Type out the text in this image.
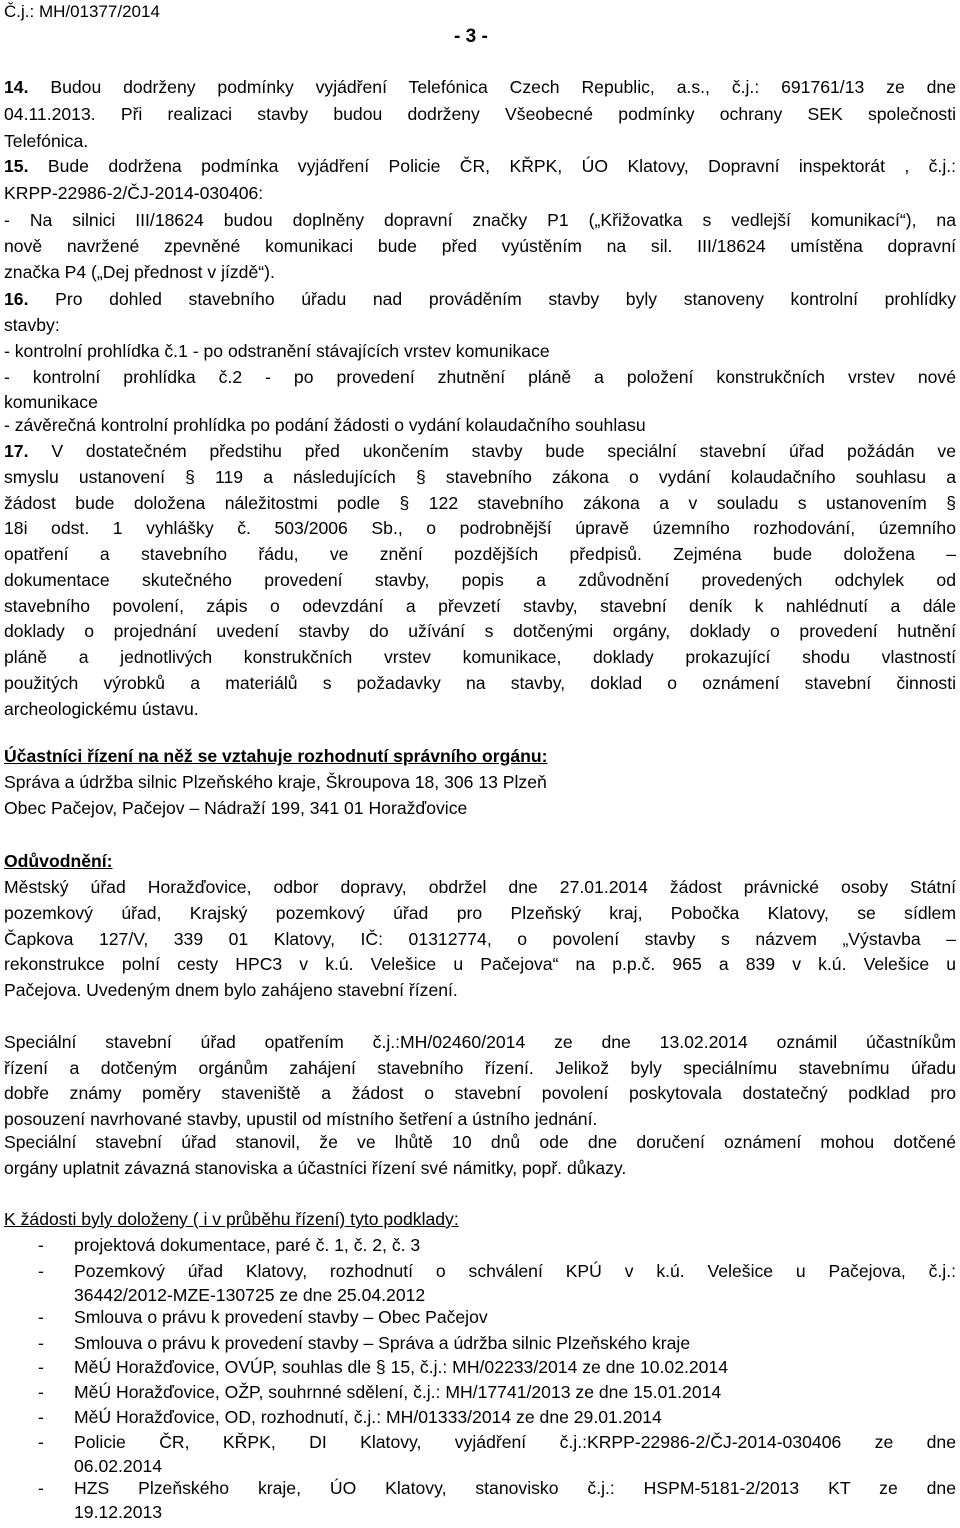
Č.j.: MH/01377/2014
- 3 -

14. Budou dodrženy podmínky vyjádření Telefónica Czech Republic, a.s., č.j.: 691761/13 ze dne

04.11.2013. Při realizaci stavby budou dodrženy Všeobecné podmínky ochrany SEK společnosti

Telefónica.

15. Bude dodržena podmínka vyjádření Policie ČR, KŘPK, ÚO Klatovy, Dopravní inspektorát , č.j.:

KRPP-22986-2/ČJ-2014-030406:

- Na silnici III/18624 budou doplněny dopravní značky P1 („Křižovatka s vedlejší komunikací“), na

nově navržené zpevněné komunikaci bude před vyústěním na sil. III/18624 umístěna dopravní

značka P4 („Dej přednost v jízdě“).

16. Pro dohled stavebního úřadu nad prováděním stavby byly stanoveny kontrolní prohlídky

stavby:

- kontrolní prohlídka č.1 - po odstranění stávajících vrstev komunikace

- kontrolní prohlídka č.2 - po provedení zhutnění pláně a položení konstrukčních vrstev nové

komunikace

- závěrečná kontrolní prohlídka po podání žádosti o vydání kolaudačního souhlasu

17. V dostatečném předstihu před ukončením stavby bude speciální stavební úřad požádán ve

smyslu ustanovení § 119 a následujících § stavebního zákona o vydání kolaudačního souhlasu a

žádost bude doložena náležitostmi podle § 122 stavebního zákona a v souladu s ustanovením §

18i odst. 1 vyhlášky č. 503/2006 Sb., o podrobnější úpravě územního rozhodování, územního

opatření a stavebního řádu, ve znění pozdějších předpisů. Zejména bude doložena –

dokumentace skutečného provedení stavby, popis a zdůvodnění provedených odchylek od

stavebního povolení, zápis o odevzdání a převzetí stavby, stavební deník k nahlédnutí a dále

doklady o projednání uvedení stavby do užívání s dotčenými orgány, doklady o provedení hutnění

pláně a jednotlivých konstrukčních vrstev komunikace, doklady prokazující shodu vlastností

použitých výrobků a materiálů s požadavky na stavby, doklad o oznámení stavební činnosti

archeologickému ústavu.

Účastníci řízení na něž se vztahuje rozhodnutí správního orgánu:

Správa a údržba silnic Plzeňského kraje, Škroupova 18, 306 13 Plzeň

Obec Pačejov, Pačejov – Nádraží 199, 341 01 Horažďovice

Odůvodnění:

Městský úřad Horažďovice, odbor dopravy, obdržel dne 27.01.2014 žádost právnické osoby Státní

pozemkový úřad, Krajský pozemkový úřad pro Plzeňský kraj, Pobočka Klatovy, se sídlem

Čapkova 127/V, 339 01 Klatovy, IČ: 01312774, o povolení stavby s názvem „Výstavba –

rekonstrukce polní cesty HPC3 v k.ú. Velešice u Pačejova“ na p.p.č. 965 a 839 v k.ú. Velešice u

Pačejova. Uvedeným dnem bylo zahájeno stavební řízení.

Speciální stavební úřad opatřením č.j.:MH/02460/2014 ze dne 13.02.2014 oznámil účastníkům

řízení a dotčeným orgánům zahájení stavebního řízení. Jelikož byly speciálnímu stavebnímu úřadu

dobře známy poměry staveniště a žádost o stavební povolení poskytovala dostatečný podklad pro

posouzení navrhované stavby, upustil od místního šetření a ústního jednání.

Speciální stavební úřad stanovil, že ve lhůtě 10 dnů ode dne doručení oznámení mohou dotčené

orgány uplatnit závazná stanoviska a účastníci řízení své námitky, popř. důkazy.

K žádosti byly doloženy ( i v průběhu řízení) tyto podklady:

- projektová dokumentace, paré č. 1, č. 2, č. 3

- Pozemkový úřad Klatovy, rozhodnutí o schválení KPÚ v k.ú. Velešice u Pačejova, č.j.:

36442/2012-MZE-130725 ze dne 25.04.2012

- Smlouva o právu k provedení stavby – Obec Pačejov

- Smlouva o právu k provedení stavby – Správa a údržba silnic Plzeňského kraje

- MěÚ Horažďovice, OVÚP, souhlas dle § 15, č.j.: MH/02233/2014 ze dne 10.02.2014

- MěÚ Horažďovice, OŽP, souhrnné sdělení, č.j.: MH/17741/2013 ze dne 15.01.2014

- MěÚ Horažďovice, OD, rozhodnutí, č.j.: MH/01333/2014 ze dne 29.01.2014

- Policie ČR, KŘPK, DI Klatovy, vyjádření č.j.:KRPP-22986-2/ČJ-2014-030406 ze dne

06.02.2014

- HZS Plzeňského kraje, ÚO Klatovy, stanovisko č.j.: HSPM-5181-2/2013 KT ze dne

19.12.2013
